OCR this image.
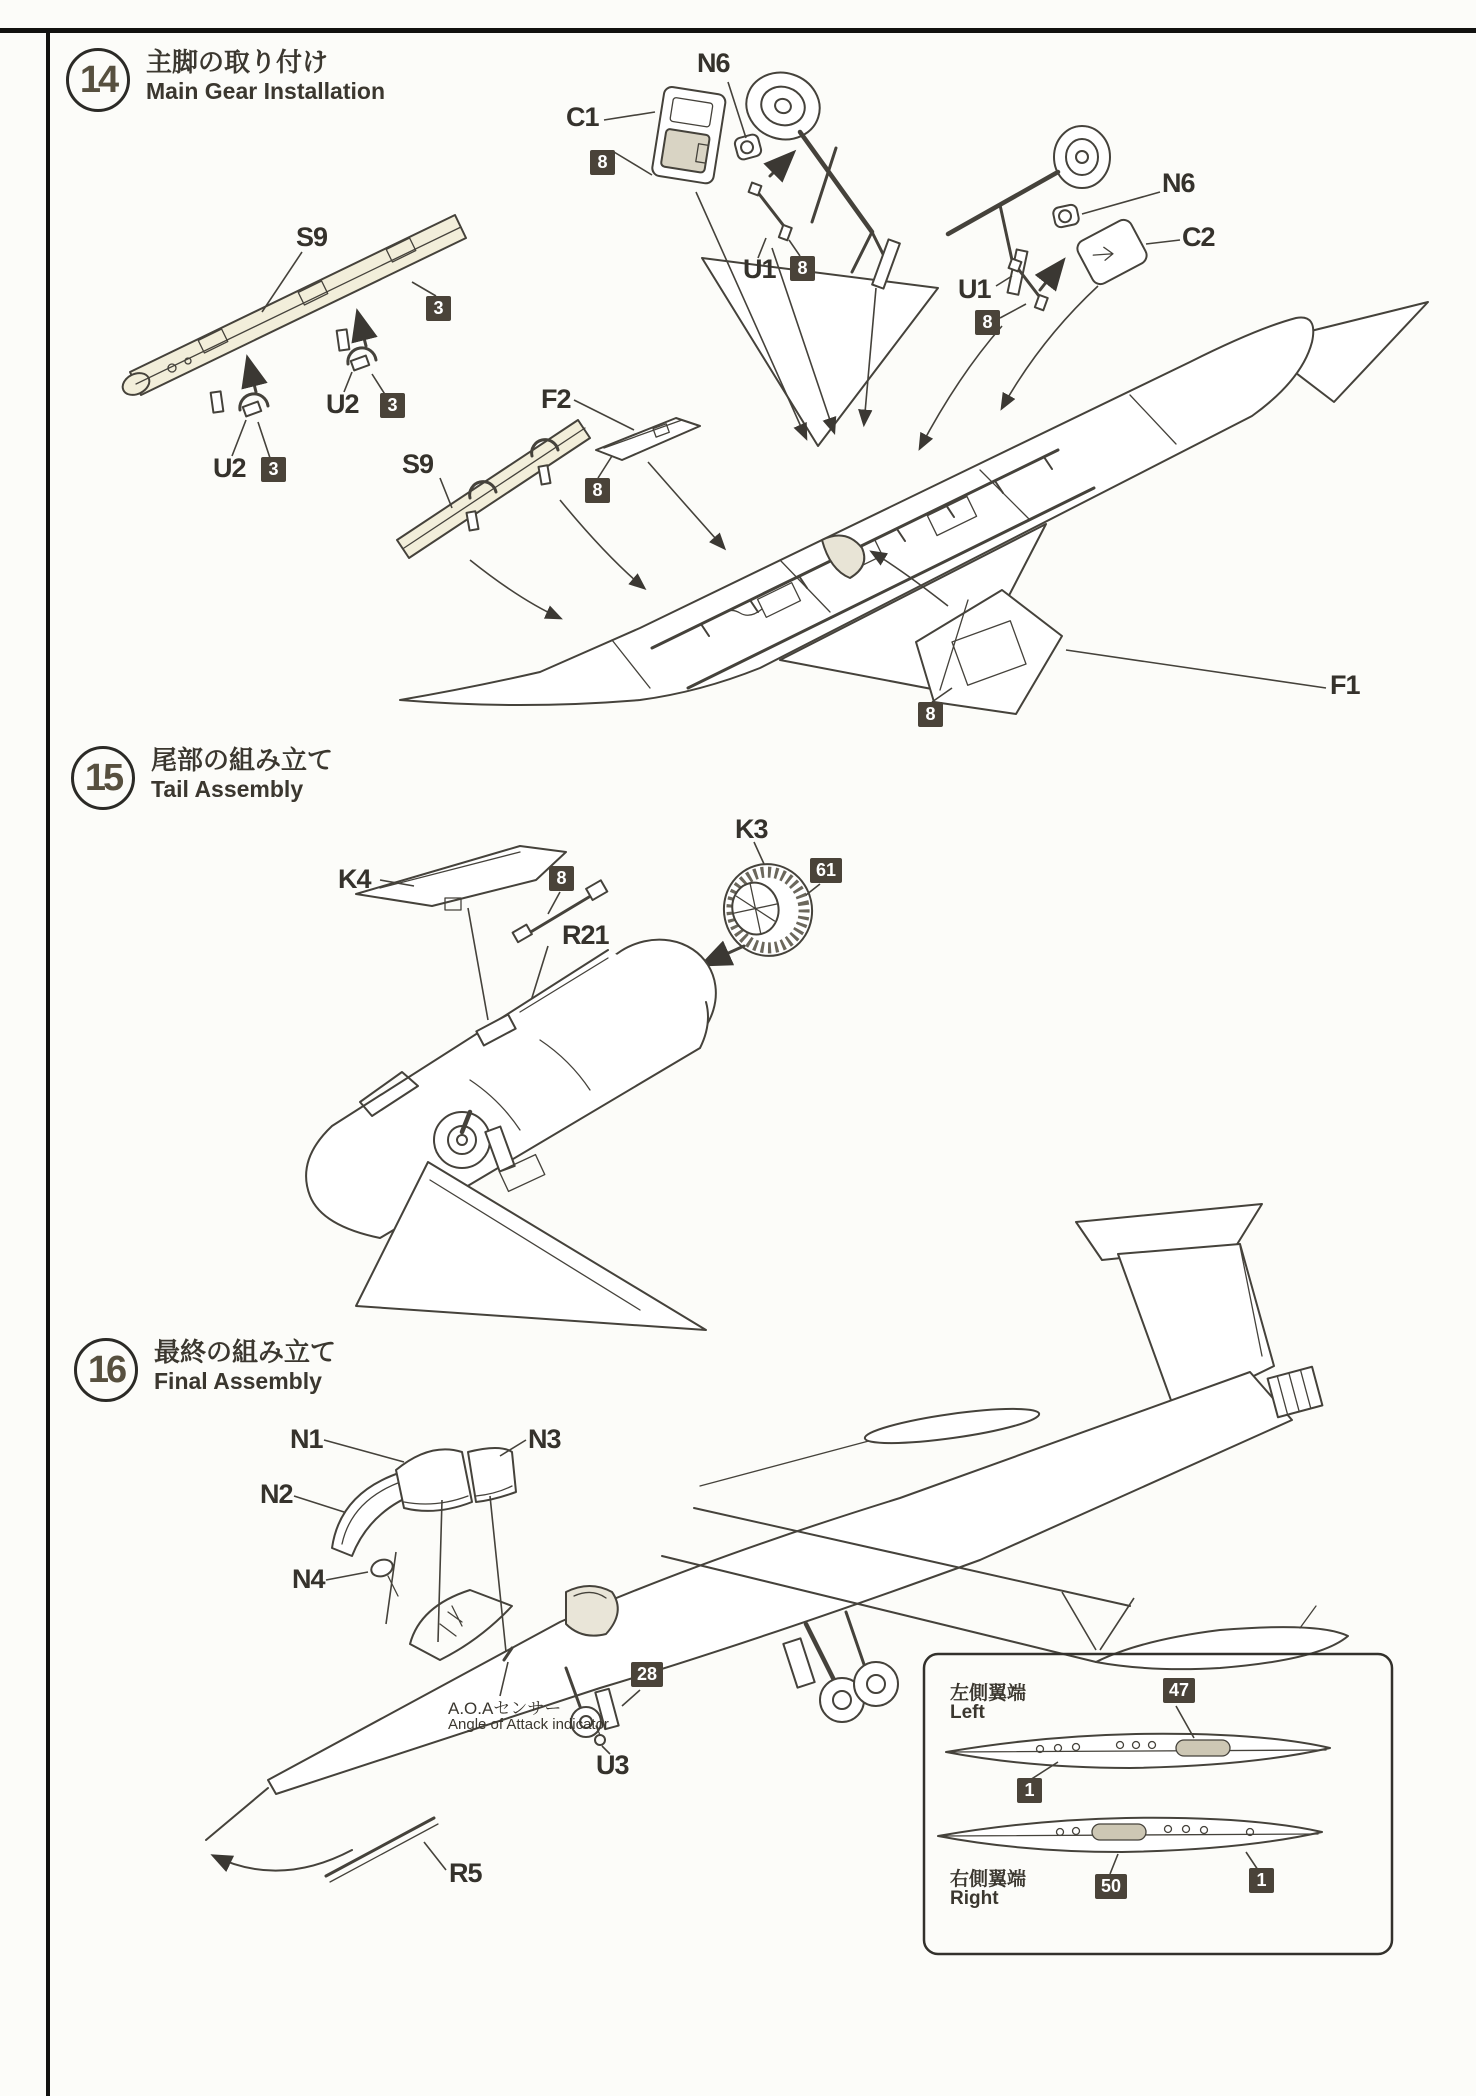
14	主脚の取り付け
Main Gear Installation
15	尾部の組み立て
Tail Assembly
16	最終の組み立て
Final Assembly
C1
8
N6
U1	8
N6
C2
U1
8
S9
3
U2	3
U2	3
F2
8
S9
F1
8
K4	8
R21
K3
61
N1
N2
N3
N4
28
A.O.Aセンサー
Angle of Attack indicator
U3
R5
左側翼端
Left
47
1
右側翼端
Right
50	1
